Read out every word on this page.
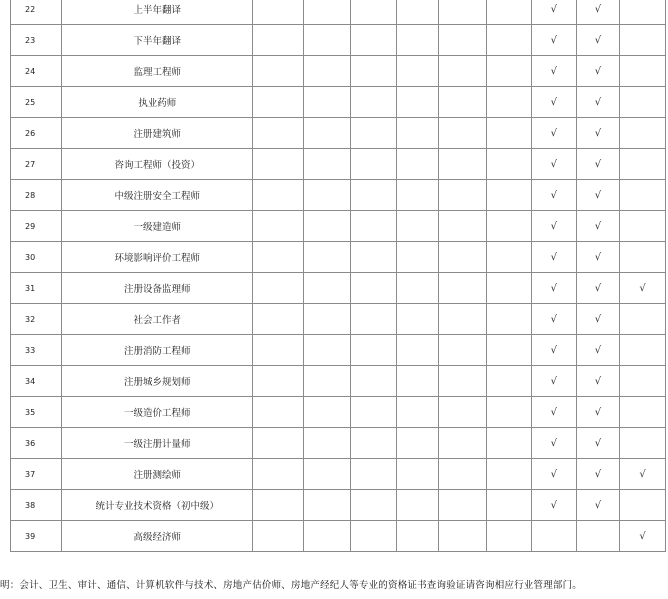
22	上半年翻译							√	√	
23	下半年翻译							√	√	
24	监理工程师							√	√	
25	执业药师							√	√	
26	注册建筑师							√	√	
27	咨询工程师（投资）							√	√	
28	中级注册安全工程师							√	√	
29	一级建造师							√	√	
30	环境影响评价工程师							√	√	
31	注册设备监理师							√	√	√
32	社会工作者							√	√	
33	注册消防工程师							√	√	
34	注册城乡规划师							√	√	
35	一级造价工程师							√	√	
36	一级注册计量师							√	√	
37	注册测绘师							√	√	√
38	统计专业技术资格（初中级）							√	√	
39	高级经济师									√
明：会计、卫生、审计、通信、计算机软件与技术、房地产估价师、房地产经纪人等专业的资格证书查询验证请咨询相应行业管理部门。
